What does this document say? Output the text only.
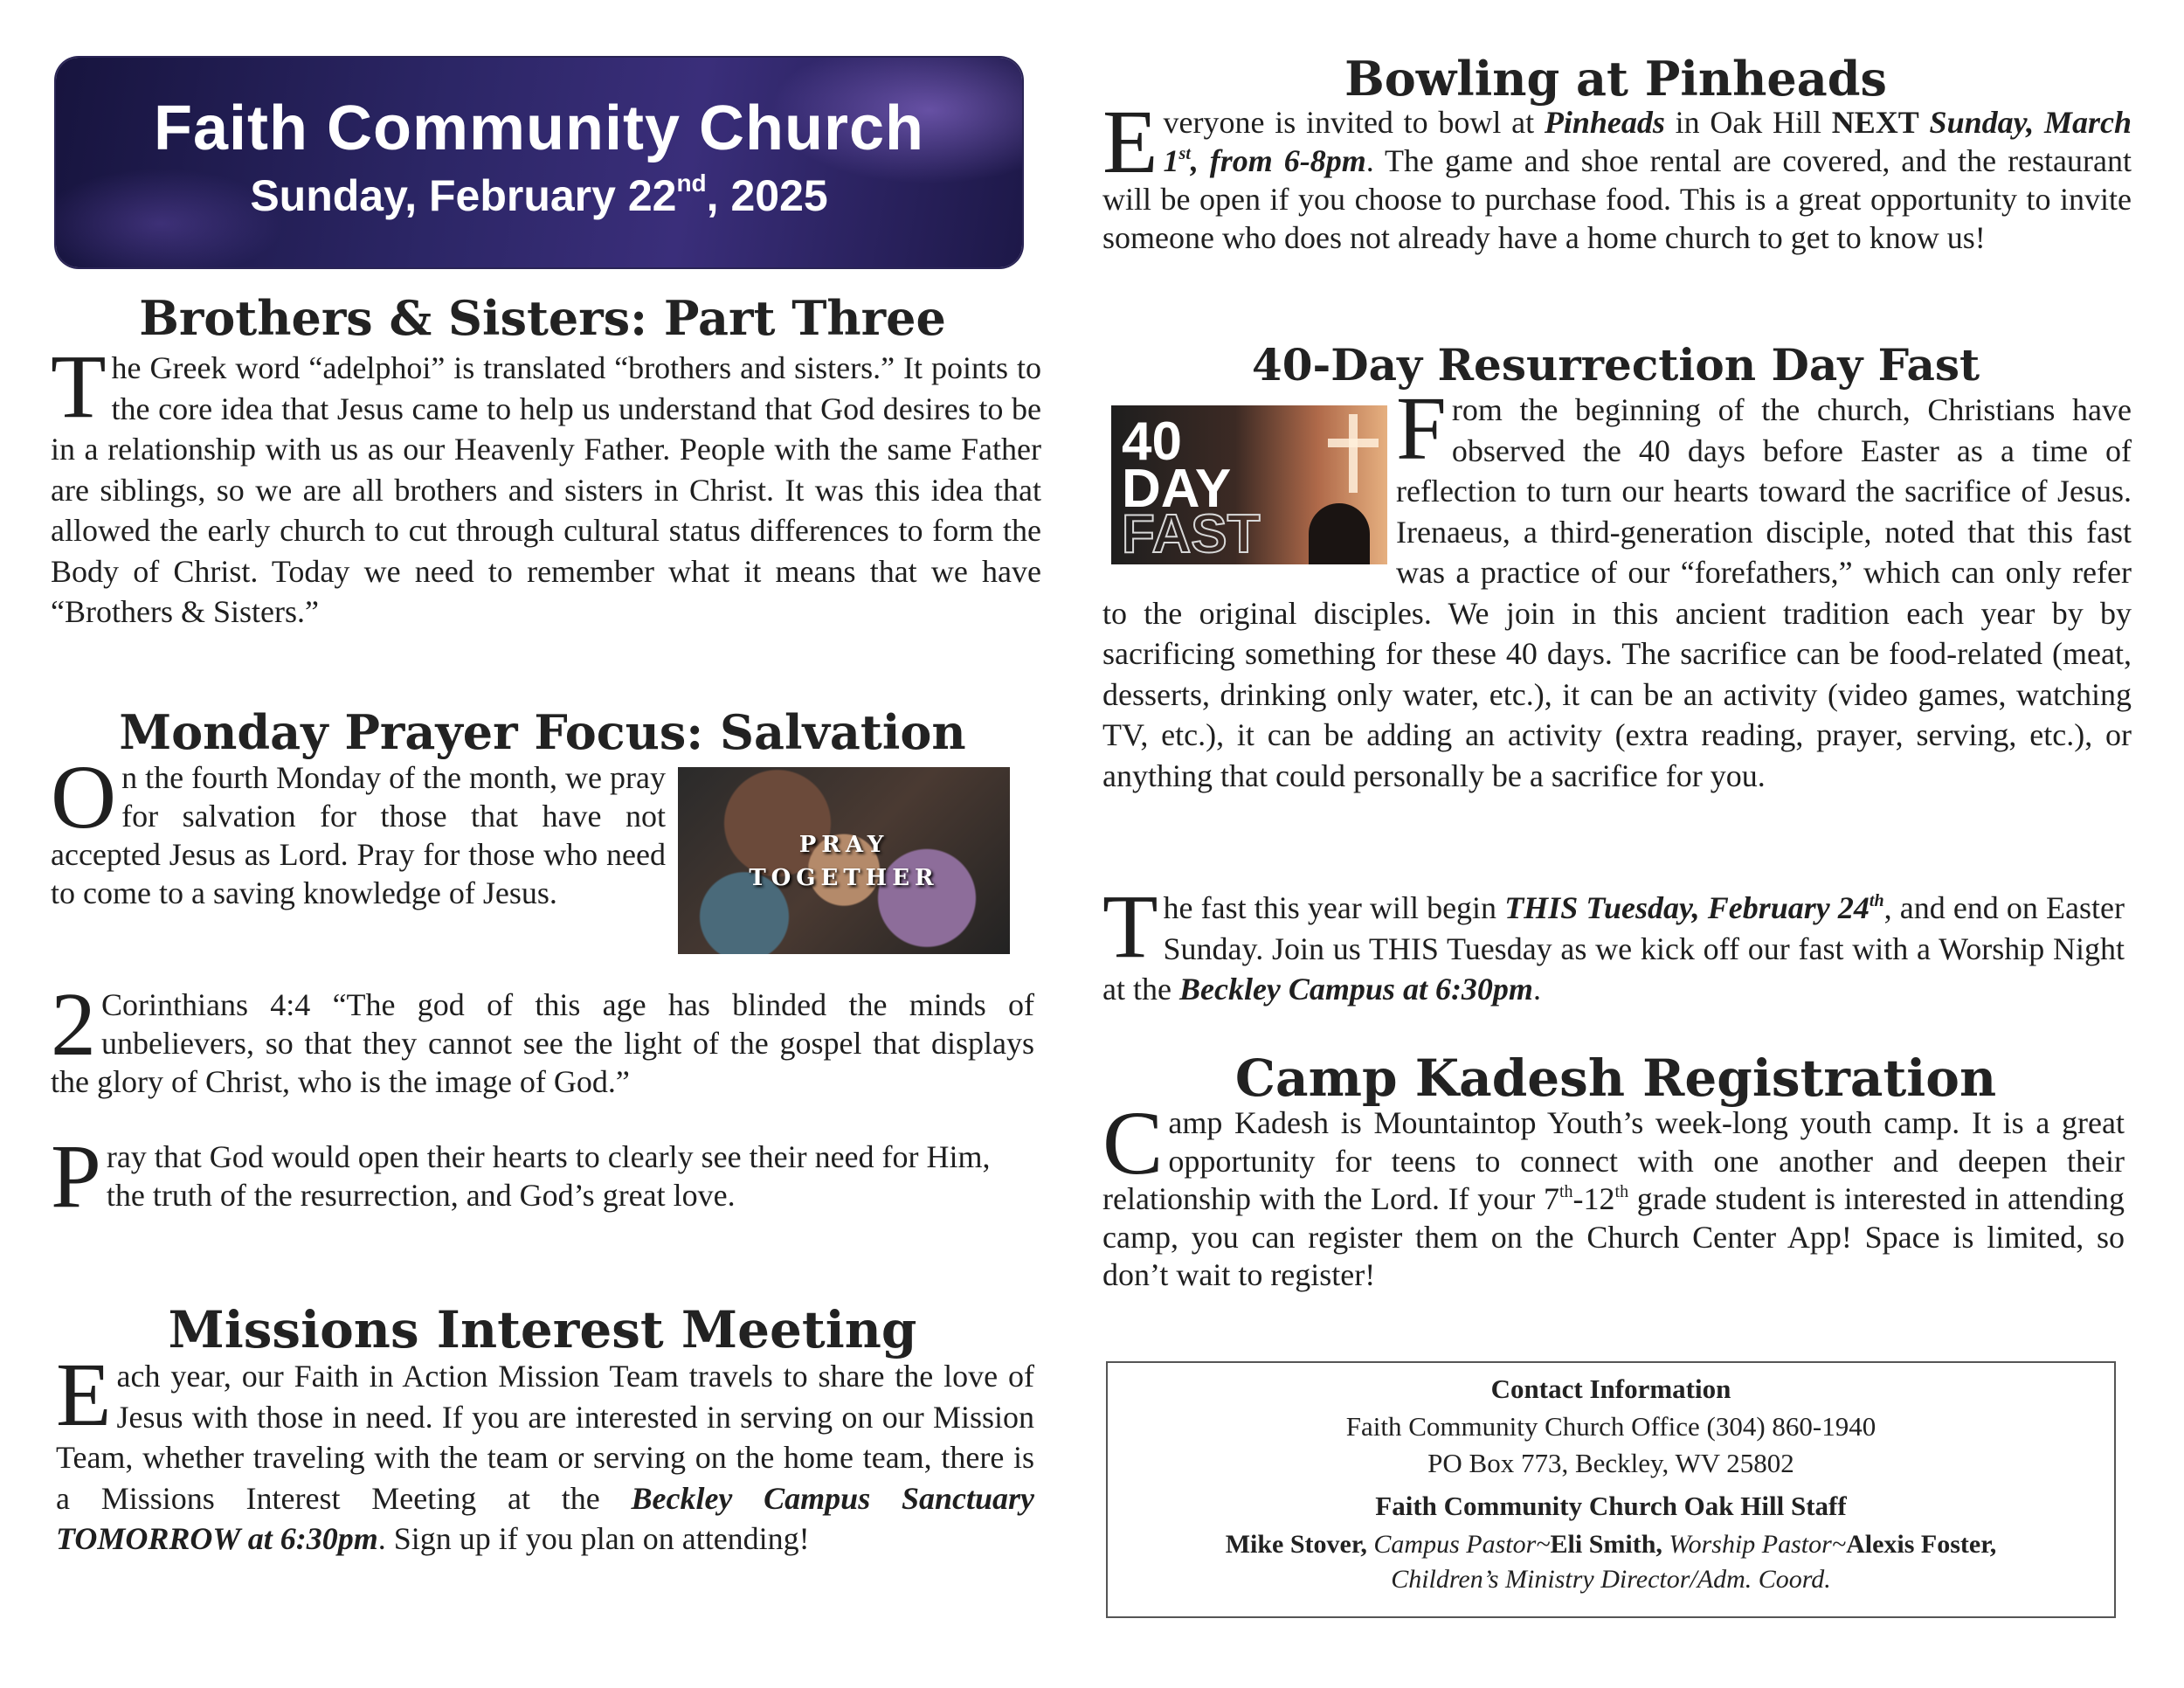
Faith Community Church
Sunday, February 22nd, 2025
Brothers & Sisters: Part Three
The Greek word “adelphoi” is translated “brothers and sisters.” It points to the core idea that Jesus came to help us understand that God desires to be in a relationship with us as our Heavenly Father. People with the same Father are siblings, so we are all brothers and sisters in Christ. It was this idea that allowed the early church to cut through cultural status differences to form the Body of Christ. Today we need to remember what it means that we have “Brothers & Sisters.”
Monday Prayer Focus: Salvation
On the fourth Monday of the month, we pray for salvation for those that have not accepted Jesus as Lord. Pray for those who need to come to a saving knowledge of Jesus.
PRAY
TOGETHER
2 Corinthians 4:4 “The god of this age has blinded the minds of unbelievers, so that they cannot see the light of the gospel that displays the glory of Christ, who is the image of God.”
Pray that God would open their hearts to clearly see their need for Him, the truth of the resurrection, and God’s great love.
Missions Interest Meeting
Each year, our Faith in Action Mission Team travels to share the love of Jesus with those in need. If you are interested in serving on our Mission Team, whether traveling with the team or serving on the home team, there is a Missions Interest Meeting at the Beckley Campus Sanctuary TOMORROW at 6:30pm. Sign up if you plan on attending!
Bowling at Pinheads
Everyone is invited to bowl at Pinheads in Oak Hill NEXT Sunday, March 1st, from 6-8pm. The game and shoe rental are covered, and the restaurant will be open if you choose to purchase food. This is a great opportunity to invite someone who does not already have a home church to get to know us!
40-Day Resurrection Day Fast
40
DAY
FAST
From the beginning of the church, Christians have observed the 40 days before Easter as a time of reflection to turn our hearts toward the sacrifice of Jesus. Irenaeus, a third-generation disciple, noted that this fast was a practice of our “forefathers,” which can only refer to the original disciples. We join in this ancient tradition each year by by sacrificing something for these 40 days. The sacrifice can be food-related (meat, desserts, drinking only water, etc.), it can be an activity (video games, watching TV, etc.), it can be adding an activity (extra reading, prayer, serving, etc.), or anything that could personally be a sacrifice for you.
The fast this year will begin THIS Tuesday, February 24th, and end on Easter Sunday. Join us THIS Tuesday as we kick off our fast with a Worship Night at the Beckley Campus at 6:30pm.
Camp Kadesh Registration
Camp Kadesh is Mountaintop Youth’s week-long youth camp. It is a great opportunity for teens to connect with one another and deepen their relationship with the Lord. If your 7th-12th grade student is interested in attending camp, you can register them on the Church Center App! Space is limited, so don’t wait to register!
Contact Information
Faith Community Church Office (304) 860-1940
PO Box 773, Beckley, WV 25802
Faith Community Church Oak Hill Staff
Mike Stover, Campus Pastor~Eli Smith, Worship Pastor~Alexis Foster,
Children’s Ministry Director/Adm. Coord.
